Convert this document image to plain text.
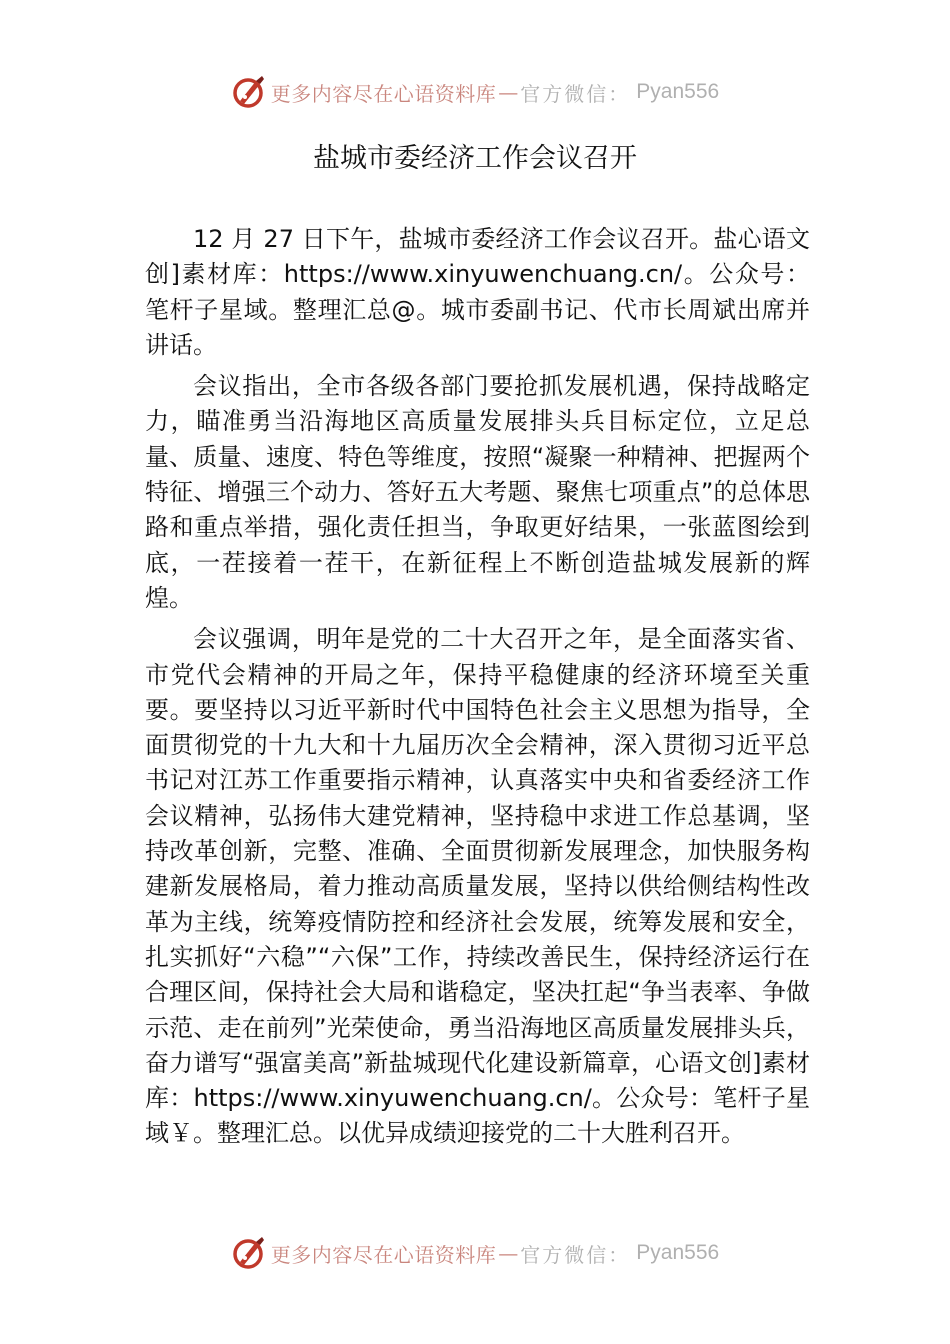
更多内容尽在心语资料库 — 官方微信： Pyan556
盐城市委经济工作会议召开

12 月 27 日下午，盐城市委经济工作会议召开。盐心语文创]素材库：https://www.xinyuwenchuang.cn/。公众号：笔杆子星域。整理汇总@。城市委副书记、代市长周斌出席并讲话。

会议指出，全市各级各部门要抢抓发展机遇，保持战略定力，瞄准勇当沿海地区高质量发展排头兵目标定位，立足总量、质量、速度、特色等维度，按照“凝聚一种精神、把握两个特征、增强三个动力、答好五大考题、聚焦七项重点”的总体思路和重点举措，强化责任担当，争取更好结果，一张蓝图绘到底，一茬接着一茬干，在新征程上不断创造盐城发展新的辉煌。

会议强调，明年是党的二十大召开之年，是全面落实省、市党代会精神的开局之年，保持平稳健康的经济环境至关重要。要坚持以习近平新时代中国特色社会主义思想为指导，全面贯彻党的十九大和十九届历次全会精神，深入贯彻习近平总书记对江苏工作重要指示精神，认真落实中央和省委经济工作会议精神，弘扬伟大建党精神，坚持稳中求进工作总基调，坚持改革创新，完整、准确、全面贯彻新发展理念，加快服务构建新发展格局，着力推动高质量发展，坚持以供给侧结构性改革为主线，统筹疫情防控和经济社会发展，统筹发展和安全，扎实抓好“六稳”“六保”工作，持续改善民生，保持经济运行在合理区间，保持社会大局和谐稳定，坚决扛起“争当表率、争做示范、走在前列”光荣使命，勇当沿海地区高质量发展排头兵，奋力谱写“强富美高”新盐城现代化建设新篇章，心语文创]素材库：https://www.xinyuwenchuang.cn/。公众号：笔杆子星域￥。整理汇总。以优异成绩迎接党的二十大胜利召开。

更多内容尽在心语资料库 — 官方微信： Pyan556
